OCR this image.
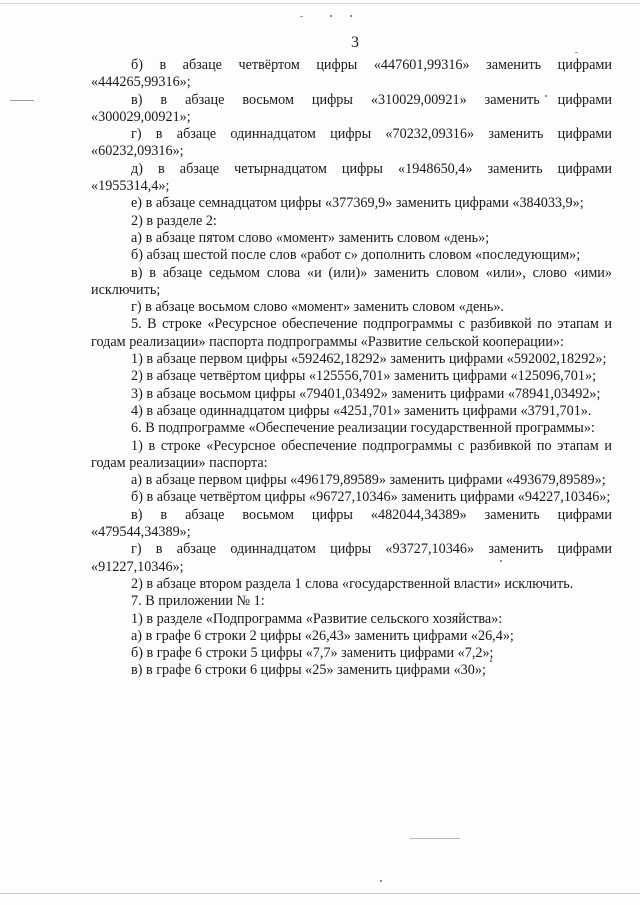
3

б) в абзаце четвёртом цифры «447601,99316» заменить цифрами «444265,99316»;

в) в абзаце восьмом цифры «310029,00921» заменить цифрами «300029,00921»;

г) в абзаце одиннадцатом цифры «70232,09316» заменить цифрами «60232,09316»;

д) в абзаце четырнадцатом цифры «1948650,4» заменить цифрами «1955314,4»;

е) в абзаце семнадцатом цифры «377369,9» заменить цифрами «384033,9»;

2) в разделе 2:

а) в абзаце пятом слово «момент» заменить словом «день»;

б) абзац шестой после слов «работ с» дополнить словом «последующим»;

в) в абзаце седьмом слова «и (или)» заменить словом «или», слово «ими» исключить;

г) в абзаце восьмом слово «момент» заменить словом «день».

5. В строке «Ресурсное обеспечение подпрограммы с разбивкой по этапам и годам реализации» паспорта подпрограммы «Развитие сельской кооперации»:

1) в абзаце первом цифры «592462,18292» заменить цифрами «592002,18292»;

2) в абзаце четвёртом цифры «125556,701» заменить цифрами «125096,701»;

3) в абзаце восьмом цифры «79401,03492» заменить цифрами «78941,03492»;

4) в абзаце одиннадцатом цифры «4251,701» заменить цифрами «3791,701».

6. В подпрограмме «Обеспечение реализации государственной программы»:

1) в строке «Ресурсное обеспечение подпрограммы с разбивкой по этапам и годам реализации» паспорта:

а) в абзаце первом цифры «496179,89589» заменить цифрами «493679,89589»;

б) в абзаце четвёртом цифры «96727,10346» заменить цифрами «94227,10346»;

в) в абзаце восьмом цифры «482044,34389» заменить цифрами «479544,34389»;

г) в абзаце одиннадцатом цифры «93727,10346» заменить цифрами «91227,10346»;

2) в абзаце втором раздела 1 слова «государственной власти» исключить.

7. В приложении № 1:

1) в разделе «Подпрограмма «Развитие сельского хозяйства»:

а) в графе 6 строки 2 цифры «26,43» заменить цифрами «26,4»;

б) в графе 6 строки 5 цифры «7,7» заменить цифрами «7,2»;

в) в графе 6 строки 6 цифры «25» заменить цифрами «30»;
